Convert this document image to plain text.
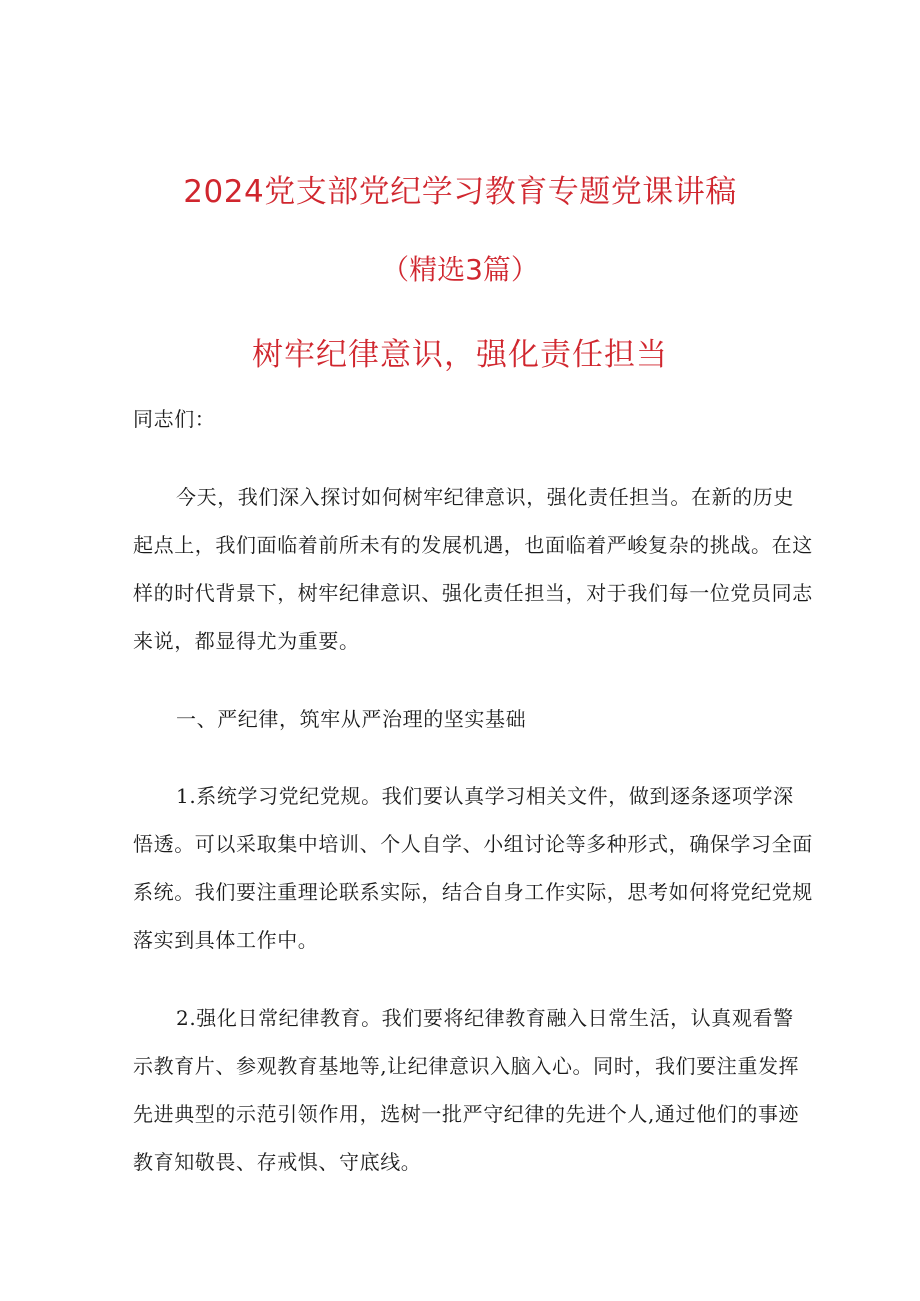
2024党支部党纪学习教育专题党课讲稿
（精选3篇）
树牢纪律意识，强化责任担当
同志们：
今天，我们深入探讨如何树牢纪律意识，强化责任担当。在新的历史
起点上，我们面临着前所未有的发展机遇，也面临着严峻复杂的挑战。在这
样的时代背景下，树牢纪律意识、强化责任担当，对于我们每一位党员同志
来说，都显得尤为重要。
一、严纪律，筑牢从严治理的坚实基础
1.系统学习党纪党规。我们要认真学习相关文件，做到逐条逐项学深
悟透。可以采取集中培训、个人自学、小组讨论等多种形式，确保学习全面
系统。我们要注重理论联系实际，结合自身工作实际，思考如何将党纪党规
落实到具体工作中。
2.强化日常纪律教育。我们要将纪律教育融入日常生活，认真观看警
示教育片、参观教育基地等,让纪律意识入脑入心。同时，我们要注重发挥
先进典型的示范引领作用，选树一批严守纪律的先进个人,通过他们的事迹
教育知敬畏、存戒惧、守底线。
